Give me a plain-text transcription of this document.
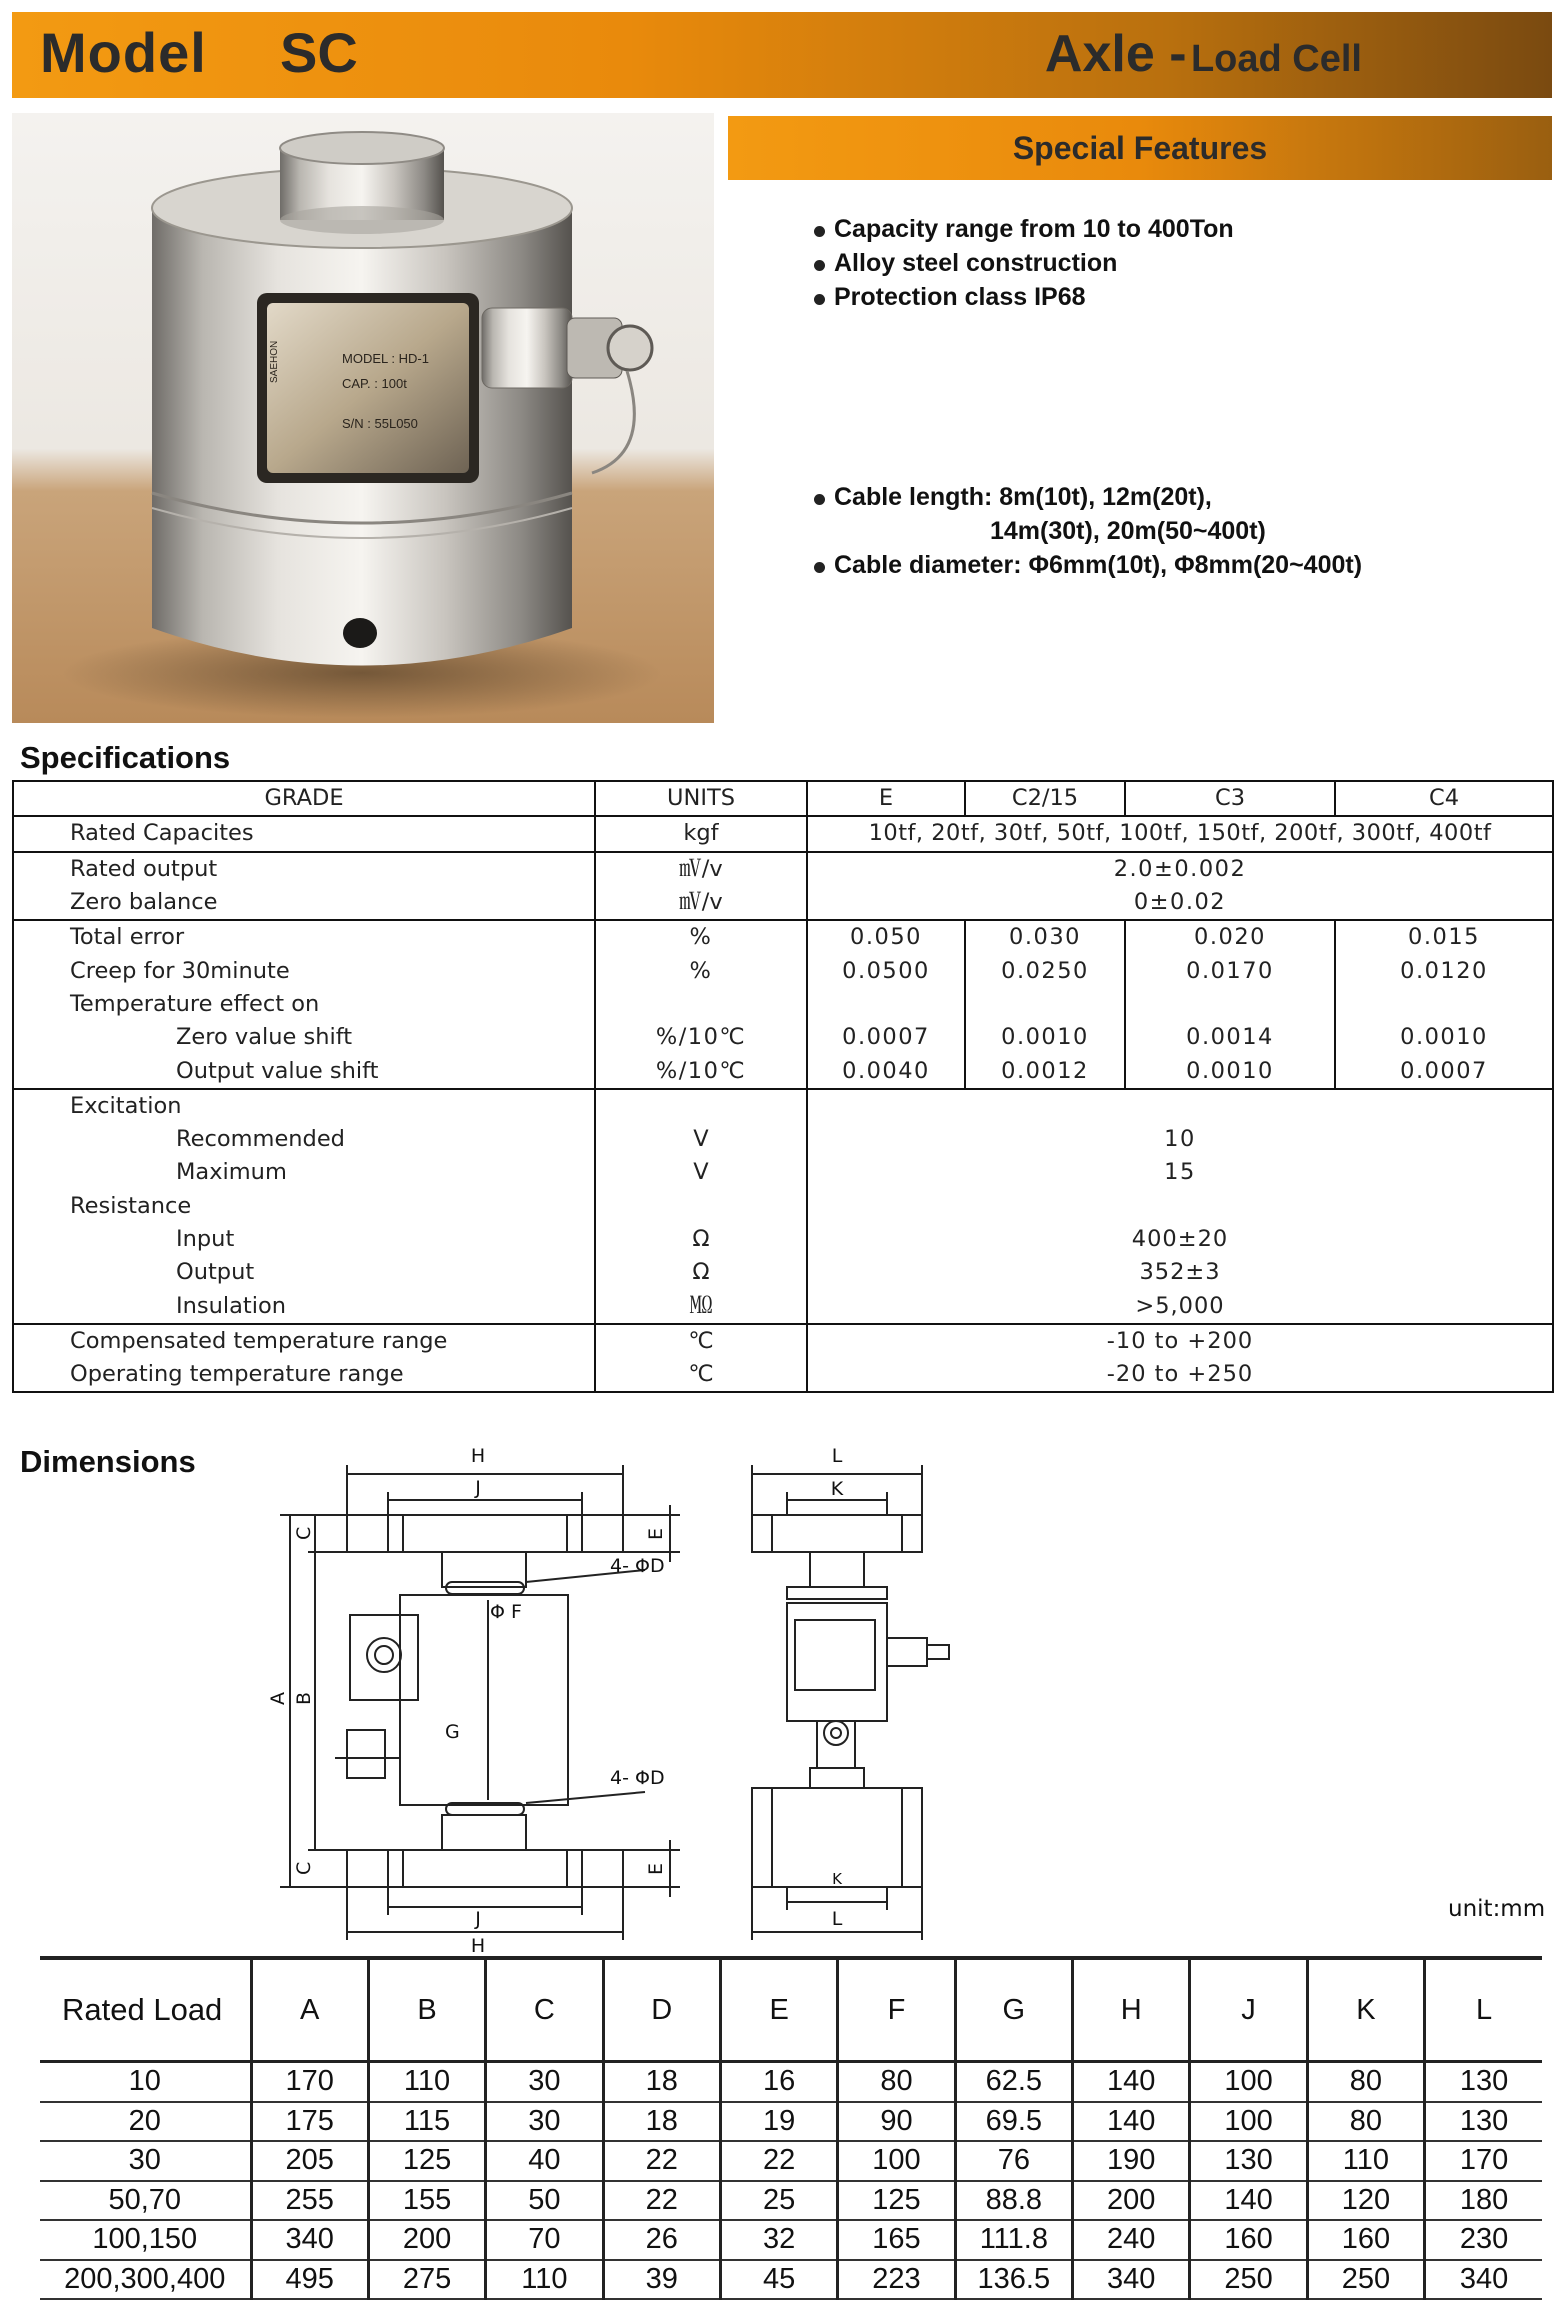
Model SC	Axle - Load Cell
SAEHON	MODEL : HD-1
CAP. : 100t
S/N : 55L050
Special Features
Capacity range from 10 to 400Ton
Alloy steel construction
Protection class IP68
Cable length: 8m(10t), 12m(20t),
14m(30t), 20m(50~400t)
Cable diameter: Φ6mm(10t), Φ8mm(20~400t)
Specifications
GRADE	UNITS	E	C2/15	C3	C4
Rated Capacites	kgf	10tf, 20tf, 30tf, 50tf, 100tf, 150tf, 200tf, 300tf, 400tf			
Rated output	㎷/v	2.0±0.002			
Zero balance	㎷/v	0±0.02			
Total error	%	0.050	0.030	0.020	0.015
Creep for 30minute	%	0.0500	0.0250	0.0170	0.0120
Temperature effect on					
Zero value shift	%/10℃	0.0007	0.0010	0.0014	0.0010
Output value shift	%/10℃	0.0040	0.0012	0.0010	0.0007
Excitation					
Recommended	V	10			
Maximum	V	15			
Resistance					
Input	Ω	400±20			
Output	Ω	352±3			
Insulation	㏁	>5,000			
Compensated temperature range	℃	-10 to +200			
Operating temperature range	℃	-20 to +250			
Dimensions	H
J
J
H
A B
C
C
E
E
Φ F
G
4- ΦD
4- ΦD
L
K
K
L	unit:mm
Rated Load	A	B	C	D	E	F	G	H	J	K	L
10	170	110	30	18	16	80	62.5	140	100	80	130
20	175	115	30	18	19	90	69.5	140	100	80	130
30	205	125	40	22	22	100	76	190	130	110	170
50,70	255	155	50	22	25	125	88.8	200	140	120	180
100,150	340	200	70	26	32	165	111.8	240	160	160	230
200,300,400	495	275	110	39	45	223	136.5	340	250	250	340
